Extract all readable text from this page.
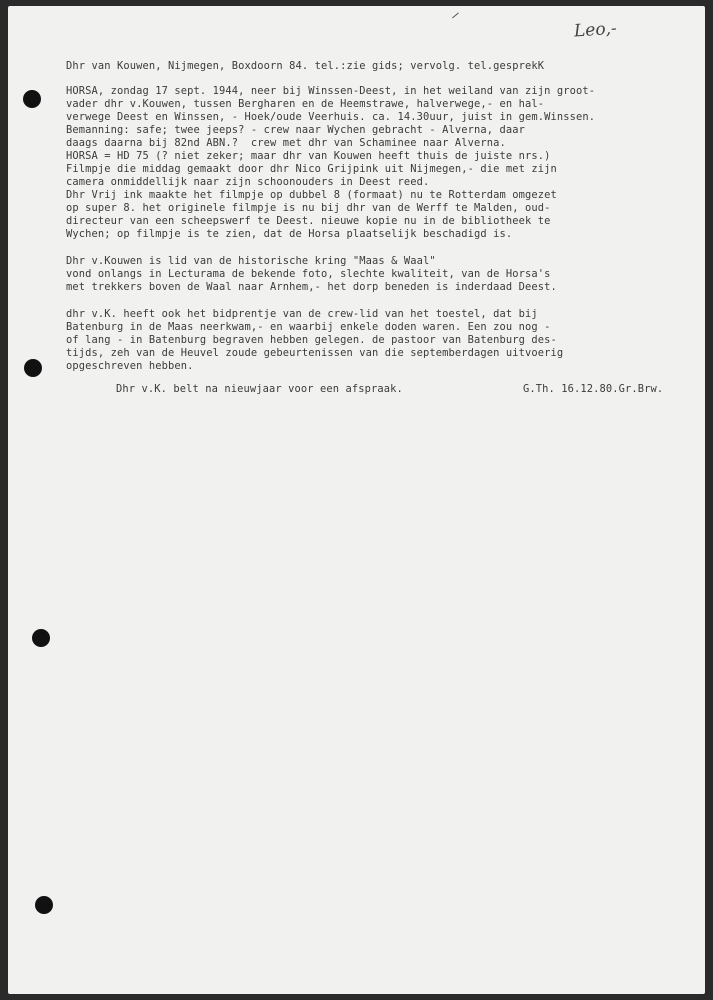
Leo,-
Dhr van Kouwen, Nijmegen, Boxdoorn 84. tel.:zie gids; vervolg. tel.gesprekK
HORSA, zondag 17 sept. 1944, neer bij Winssen-Deest, in het weiland van zijn groot-
vader dhr v.Kouwen, tussen Bergharen en de Heemstrawe, halverwege,- en hal-
verwege Deest en Winssen, - Hoek/oude Veerhuis. ca. 14.30uur, juist in gem.Winssen.
Bemanning: safe; twee jeeps? - crew naar Wychen gebracht - Alverna, daar
daags daarna bij 82nd ABN.?  crew met dhr van Schaminee naar Alverna.
HORSA = HD 75 (? niet zeker; maar dhr van Kouwen heeft thuis de juiste nrs.)
Filmpje die middag gemaakt door dhr Nico Grijpink uit Nijmegen,- die met zijn
camera onmiddellijk naar zijn schoonouders in Deest reed.
Dhr Vrij ink maakte het filmpje op dubbel 8 (formaat) nu te Rotterdam omgezet
op super 8. het originele filmpje is nu bij dhr van de Werff te Malden, oud-
directeur van een scheepswerf te Deest. nieuwe kopie nu in de bibliotheek te
Wychen; op filmpje is te zien, dat de Horsa plaatselijk beschadigd is.
Dhr v.Kouwen is lid van de historische kring "Maas & Waal"
vond onlangs in Lecturama de bekende foto, slechte kwaliteit, van de Horsa's
met trekkers boven de Waal naar Arnhem,- het dorp beneden is inderdaad Deest.
dhr v.K. heeft ook het bidprentje van de crew-lid van het toestel, dat bij
Batenburg in de Maas neerkwam,- en waarbij enkele doden waren. Een zou nog -
of lang - in Batenburg begraven hebben gelegen. de pastoor van Batenburg des-
tijds, zeh van de Heuvel zoude gebeurtenissen van die septemberdagen uitvoerig
opgeschreven hebben.
Dhr v.K. belt na nieuwjaar voor een afspraak.	G.Th. 16.12.80.Gr.Brw.
